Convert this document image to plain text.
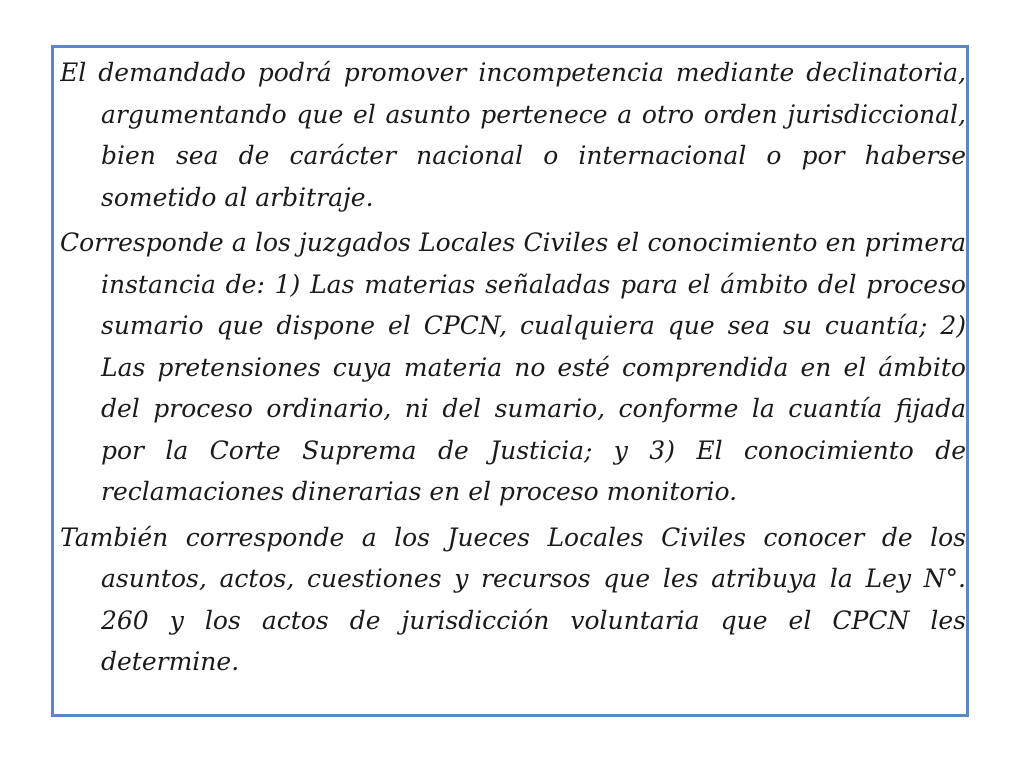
El demandado podrá promover incompetencia mediante declinatoria, argumentando que el asunto pertenece a otro orden jurisdiccional, bien sea de carácter nacional o internacional o por haberse sometido al arbitraje.

Corresponde a los juzgados Locales Civiles el conocimiento en primera instancia de: 1) Las materias señaladas para el ámbito del proceso sumario que dispone el CPCN, cualquiera que sea su cuantía; 2) Las pretensiones cuya materia no esté comprendida en el ámbito del proceso ordinario, ni del sumario, conforme la cuantía fijada por la Corte Suprema de Justicia; y 3) El conocimiento de reclamaciones dinerarias en el proceso monitorio.

También corresponde a los Jueces Locales Civiles conocer de los asuntos, actos, cuestiones y recursos que les atribuya la Ley N°. 260 y los actos de jurisdicción voluntaria que el CPCN les determine.
